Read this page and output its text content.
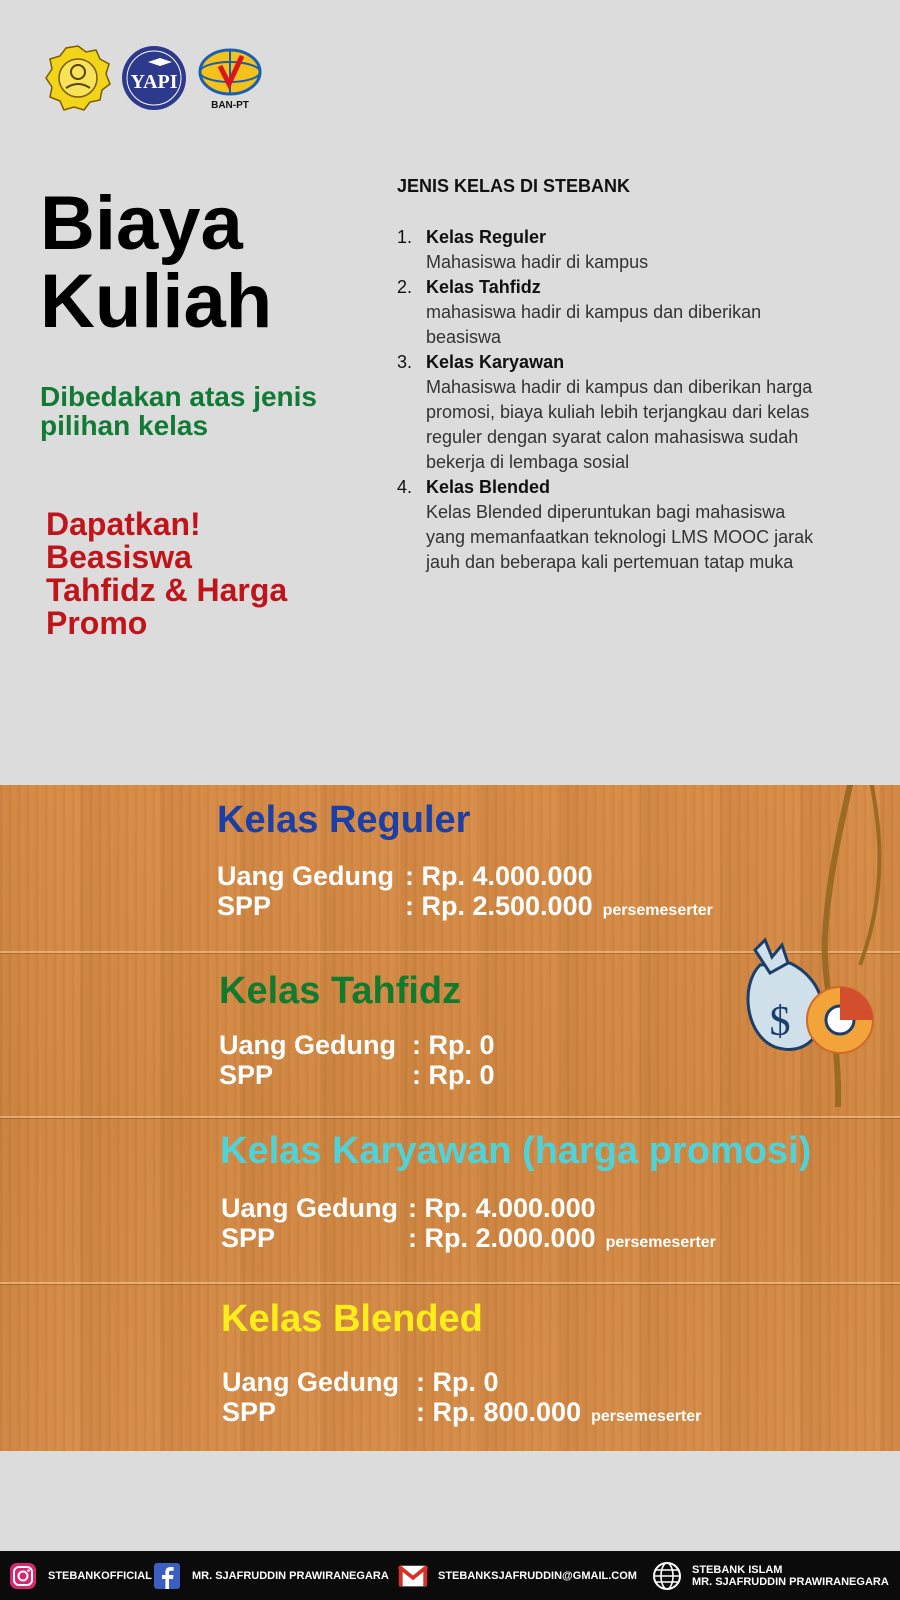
YAPI
BAN-PT
Biaya
Kuliah
Dibedakan atas jenis pilihan kelas
Dapatkan!
Beasiswa
Tahfidz & Harga
Promo
JENIS KELAS DI STEBANK
1. Kelas Reguler
Mahasiswa hadir di kampus
2. Kelas Tahfidz
mahasiswa hadir di kampus dan diberikan beasiswa
3. Kelas Karyawan
Mahasiswa hadir di kampus dan diberikan harga promosi, biaya kuliah lebih terjangkau dari kelas reguler dengan syarat calon mahasiswa sudah bekerja di lembaga sosial
4. Kelas Blended
Kelas Blended diperuntukan bagi mahasiswa yang memanfaatkan teknologi LMS MOOC jarak jauh dan beberapa kali pertemuan tatap muka
$
Kelas Reguler
Uang Gedung : Rp. 4.000.000
SPP	: Rp. 2.500.000 persemeserter
Kelas Tahfidz
Uang Gedung : Rp. 0
SPP	: Rp. 0
Kelas Karyawan (harga promosi)
Uang Gedung : Rp. 4.000.000
SPP	: Rp. 2.000.000 persemeserter
Kelas Blended
Uang Gedung : Rp. 0
SPP	: Rp. 800.000 persemeserter
STEBANKOFFICIAL	MR. SJAFRUDDIN PRAWIRANEGARA	STEBANKSJAFRUDDIN@GMAIL.COM	STEBANK ISLAM
MR. SJAFRUDDIN PRAWIRANEGARA
